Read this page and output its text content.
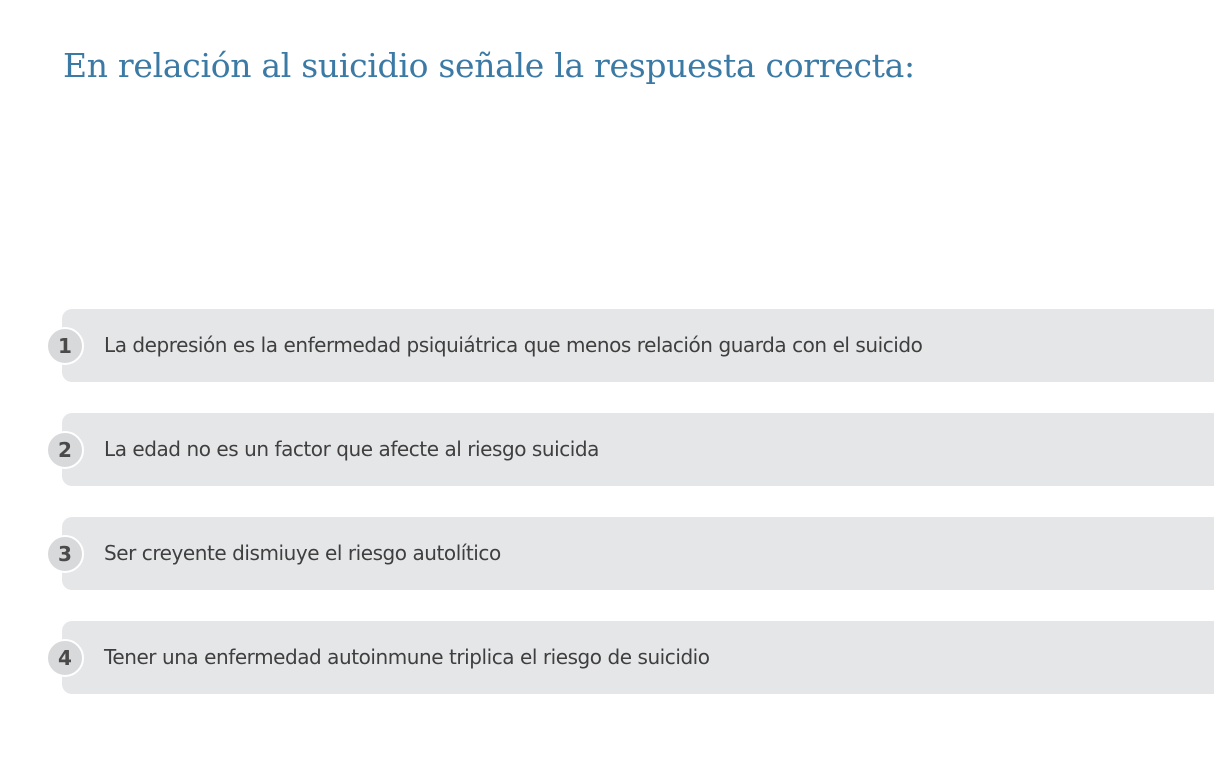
En relación al suicidio señale la respuesta correcta:
1	La depresión es la enfermedad psiquiátrica que menos relación guarda con el suicido
2	La edad no es un factor que afecte al riesgo suicida
3	Ser creyente dismiuye el riesgo autolítico
4	Tener una enfermedad autoinmune triplica el riesgo de suicidio
